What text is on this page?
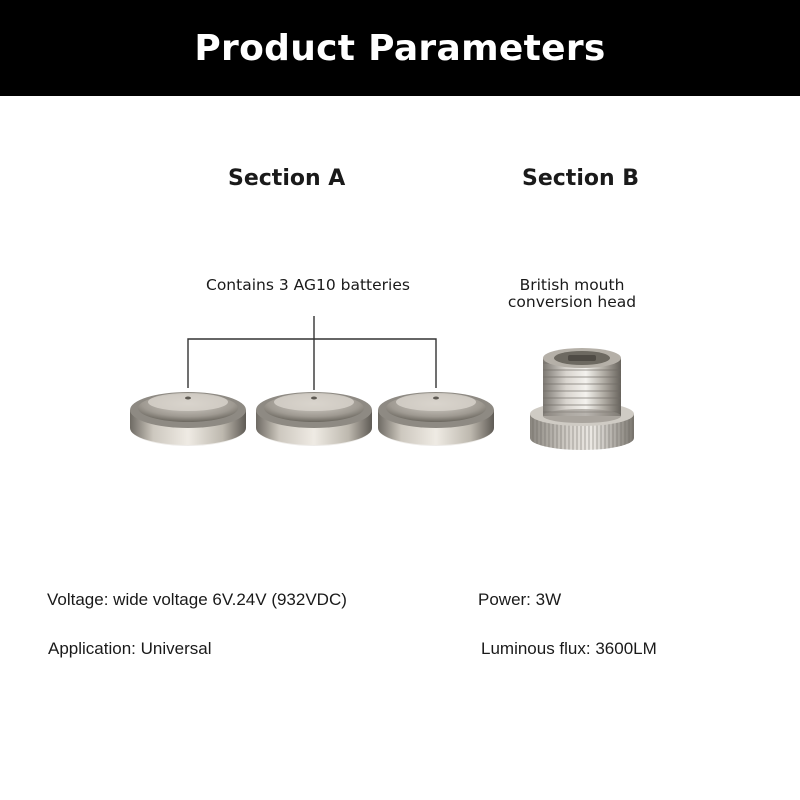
Product Parameters
Section A	Section B
Contains 3 AG10 batteries	British mouth
conversion head
Voltage: wide voltage 6V.24V (932VDC)	Power: 3W
Application: Universal	Luminous flux: 3600LM
